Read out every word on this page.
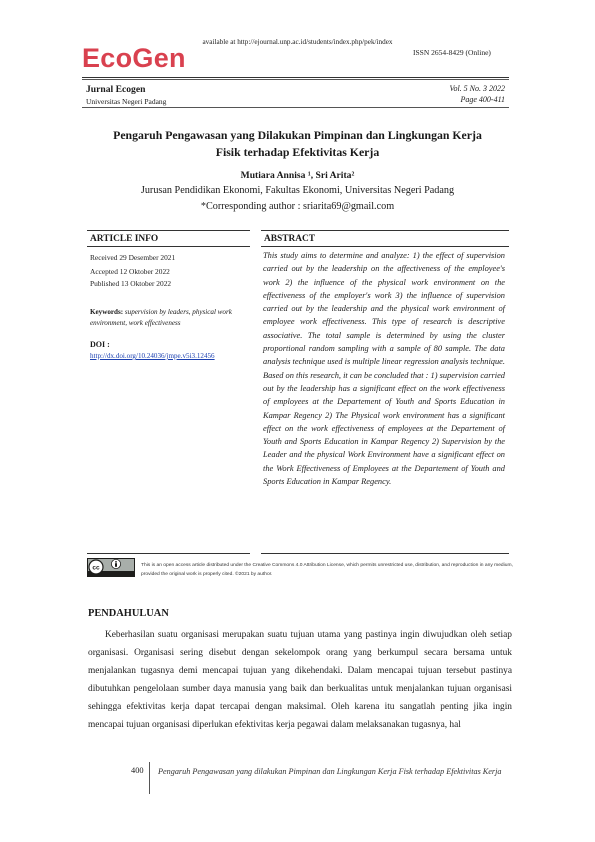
available at http://ejournal.unp.ac.id/students/index.php/pek/index
EcoGen	ISSN 2654-8429 (Online)
Jurnal Ecogen
Universitas Negeri Padang
Vol. 5 No. 3 2022
Page 400-411
Pengaruh Pengawasan yang Dilakukan Pimpinan dan Lingkungan Kerja
Fisik terhadap Efektivitas Kerja
Mutiara Annisa ¹, Sri Arita²
Jurusan Pendidikan Ekonomi, Fakultas Ekonomi, Universitas Negeri Padang
*Corresponding author : sriarita69@gmail.com
ARTICLE INFO	ABSTRACT
Received 29 Desember 2021
Accepted 12 Oktober 2022
Published 13 Oktober 2022
Keywords: supervision by leaders, physical work environment, work effectiveness
DOI :
http://dx.doi.org/10.24036/jmpe.v5i3.12456
This study aims to determine and analyze: 1) the effect of supervision carried out by the leadership on the affectiveness of the employee's work 2) the influence of the physical work environment on the effectiveness of the employer's work 3) the influence of supervision carried out by the leadership and the physical work environment of employee work effectiveness. This type of research is descriptive associative. The total sample is determined by using the cluster proportional random sampling with a sample of 80 sample. The data analysis technique used is multiple linear regression analysis technique. Based on this research, it can be concluded that : 1) supervision carried out by the leadership has a significant effect on the work effectiveness of employees at the Departement of Youth and Sports Education in Kampar Regency 2) The Physical work environment has a significant effect on the work effectiveness of employees at the Departement of Youth and Sports Education in Kampar Regency 2) Supervision by the Leader and the physical Work Environment have a significant effect on the Work Effectiveness of Employees at the Departement of Youth and Sports Education in Kampar Regency.
cc	This is an open access article distributed under the Creative Commons 4.0 Attribution License, which permits unrestricted use, distribution, and reproduction in any medium, provided the original work is properly cited. ©2021 by author.
PENDAHULUAN
Keberhasilan suatu organisasi merupakan suatu tujuan utama yang pastinya ingin diwujudkan oleh setiap organisasi. Organisasi sering disebut dengan sekelompok orang yang berkumpul secara bersama untuk menjalankan tugasnya demi mencapai tujuan yang dikehendaki. Dalam mencapai tujuan tersebut pastinya dibutuhkan pengelolaan sumber daya manusia yang baik dan berkualitas untuk menjalankan tujuan organisasi sehingga efektivitas kerja dapat tercapai dengan maksimal. Oleh karena itu sangatlah penting jika ingin mencapai tujuan organisasi diperlukan efektivitas kerja pegawai dalam melaksanakan tugasnya, hal
400 Pengaruh Pengawasan yang dilakukan Pimpinan dan Lingkungan Kerja Fisk terhadap Efektivitas Kerja
